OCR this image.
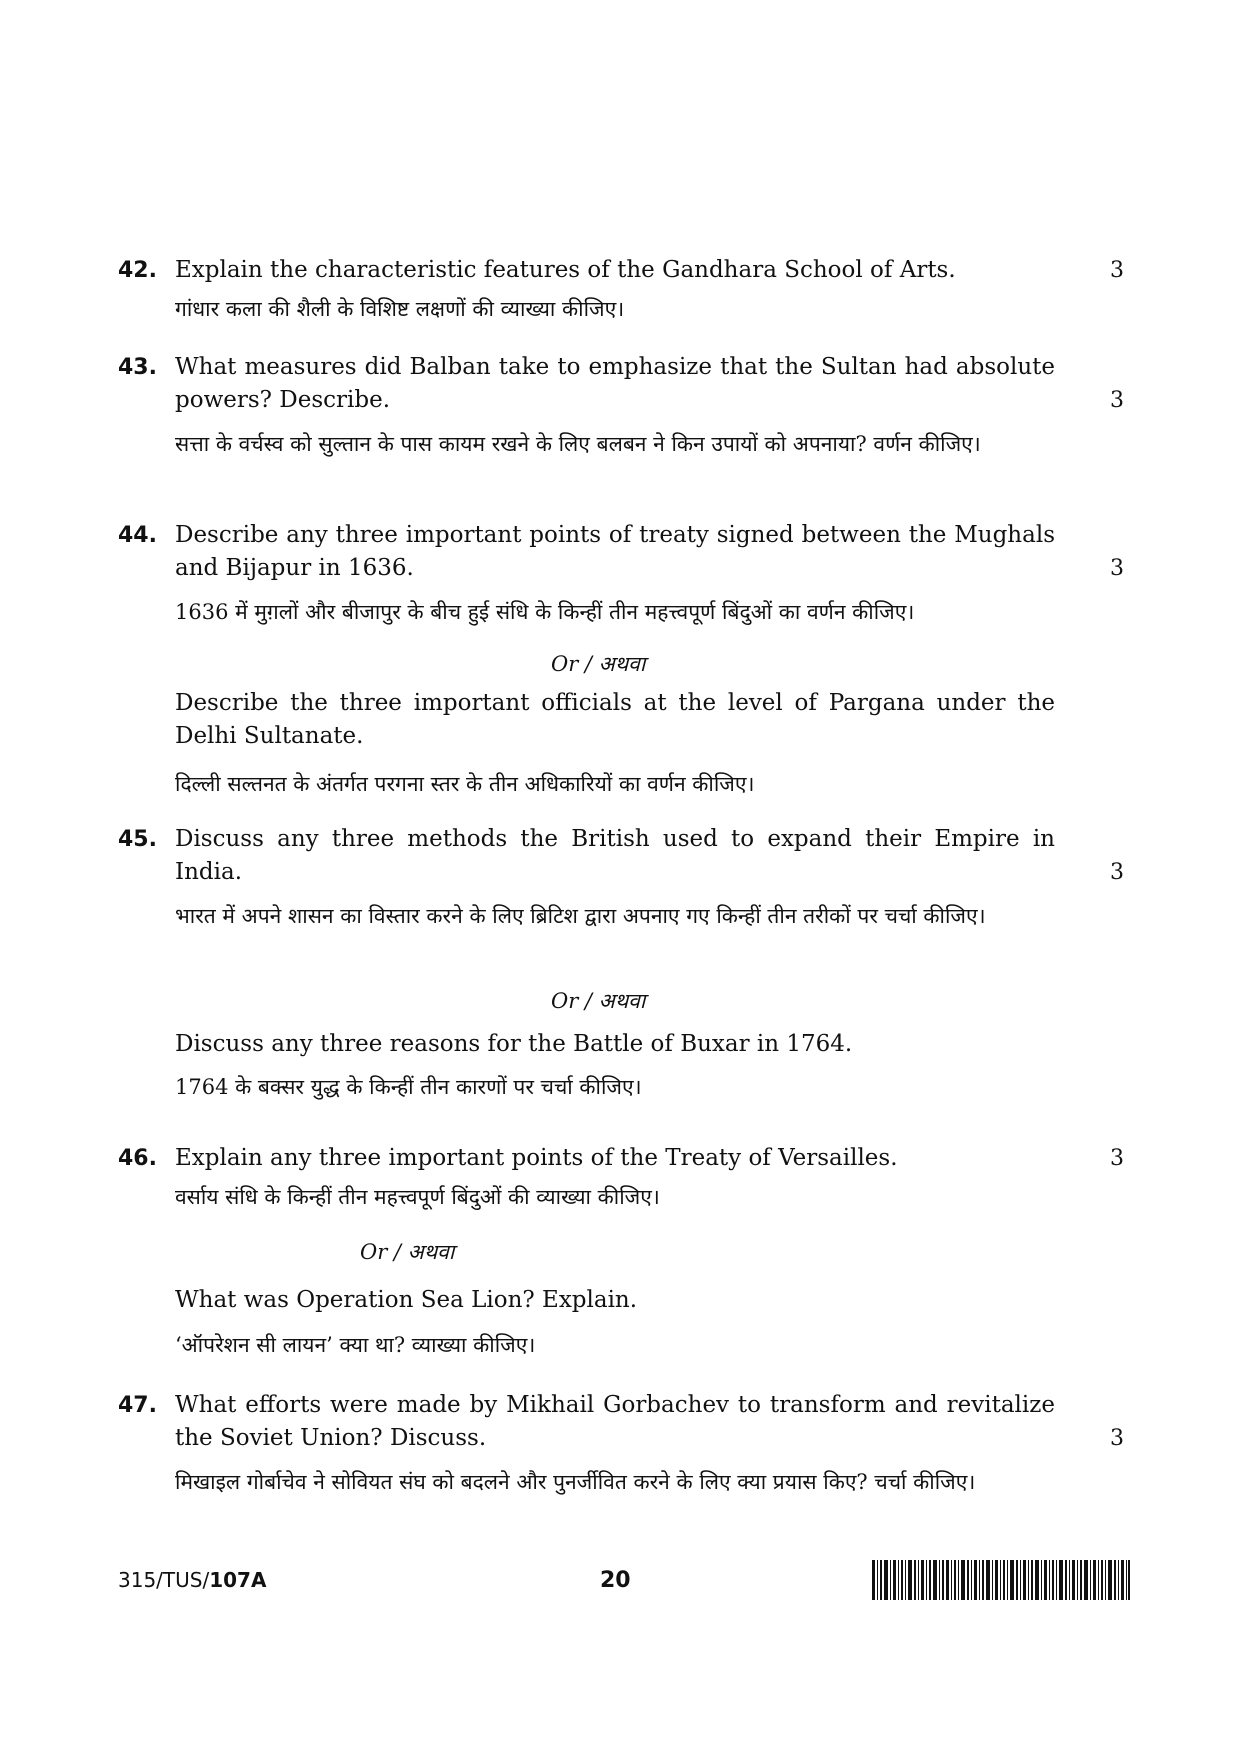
42. Explain the characteristic features of the Gandhara School of Arts.	3
गांधार कला की शैली के विशिष्ट लक्षणों की व्याख्या कीजिए।
43. What measures did Balban take to emphasize that the Sultan had absolute powers? Describe.	3
सत्ता के वर्चस्व को सुल्तान के पास कायम रखने के लिए बलबन ने किन उपायों को अपनाया? वर्णन कीजिए।
44. Describe any three important points of treaty signed between the Mughals and Bijapur in 1636.	3
1636 में मुग़लों और बीजापुर के बीच हुई संधि के किन्हीं तीन महत्त्वपूर्ण बिंदुओं का वर्णन कीजिए।
Or / अथवा
Describe the three important officials at the level of Pargana under the Delhi Sultanate.
दिल्ली सल्तनत के अंतर्गत परगना स्तर के तीन अधिकारियों का वर्णन कीजिए।
45. Discuss any three methods the British used to expand their Empire in India.	3
भारत में अपने शासन का विस्तार करने के लिए ब्रिटिश द्वारा अपनाए गए किन्हीं तीन तरीकों पर चर्चा कीजिए।
Or / अथवा
Discuss any three reasons for the Battle of Buxar in 1764.
1764 के बक्सर युद्ध के किन्हीं तीन कारणों पर चर्चा कीजिए।
46. Explain any three important points of the Treaty of Versailles.	3
वर्साय संधि के किन्हीं तीन महत्त्वपूर्ण बिंदुओं की व्याख्या कीजिए।
Or / अथवा
What was Operation Sea Lion? Explain.
‘ऑपरेशन सी लायन’ क्या था? व्याख्या कीजिए।
47. What efforts were made by Mikhail Gorbachev to transform and revitalize the Soviet Union? Discuss.	3
मिखाइल गोर्बाचेव ने सोवियत संघ को बदलने और पुनर्जीवित करने के लिए क्या प्रयास किए? चर्चा कीजिए।
315/TUS/107A	20
